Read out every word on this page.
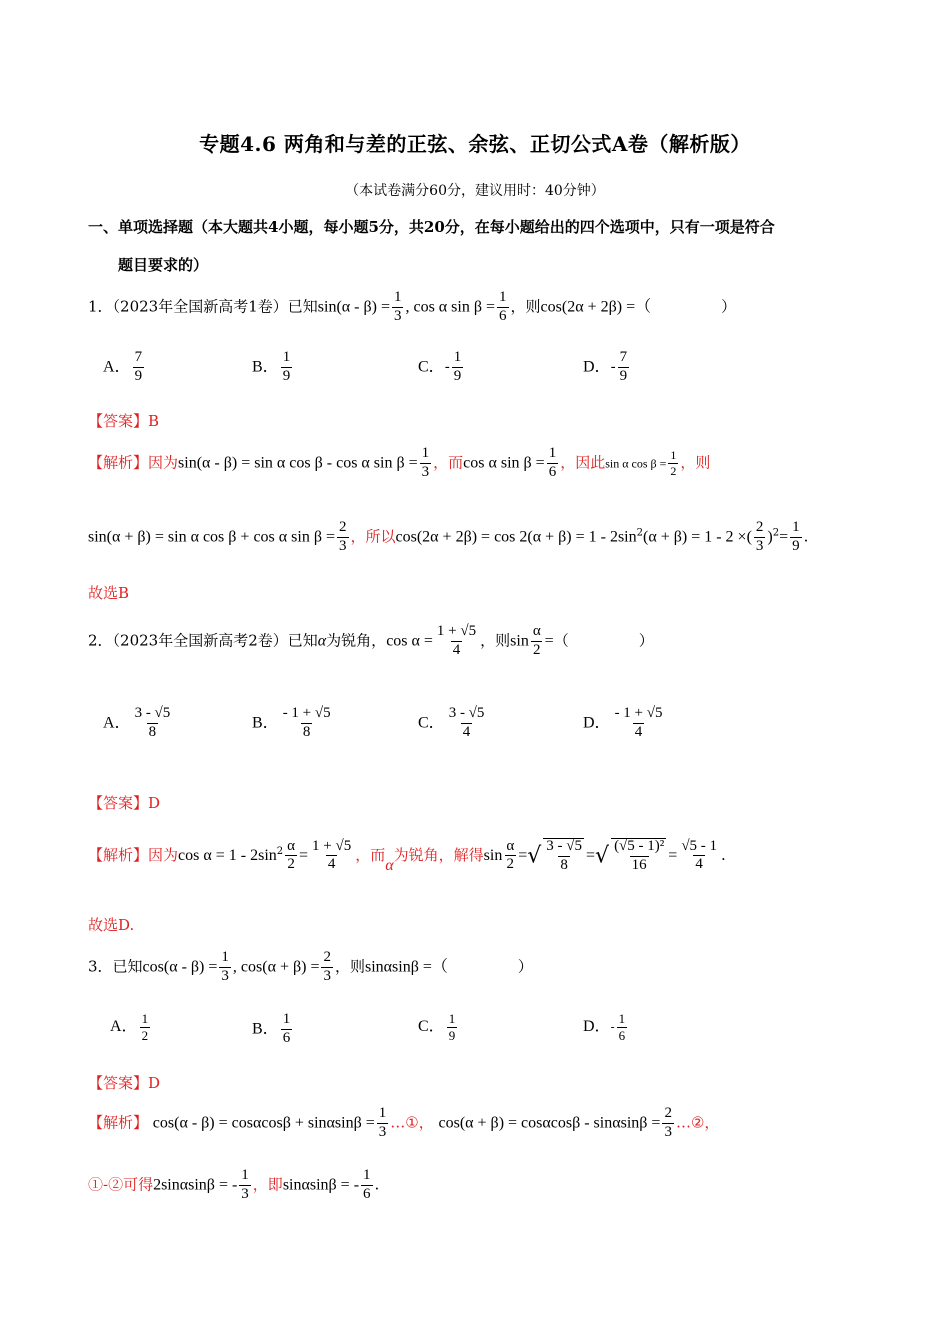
专题4.6 两角和与差的正弦、余弦、正切公式A卷（解析版）
（本试卷满分60分，建议用时：40分钟）
一、单项选择题（本大题共4小题，每小题5分，共20分，在每小题给出的四个选项中，只有一项是符合
题目要求的）
1．（2023年全国新高考1卷）已知$\sin(\alpha - \beta) = \frac{1}{3}$ , cos α $\sin \beta = \frac{1}{6}$ ，则cos(2α + 2β) =（	）
A． $\frac{7}{9}$	B． $\frac{1}{9}$	C．- $\frac{1}{9}$	D．- $\frac{7}{9}$
【答案】B
【解析】因为sin(α - β) = sin α cos β - cos α $\sin \beta = \frac{1}{3}$ ，而cos α $\sin \beta = \frac{1}{6}$ ，因此sin α $\cos \beta = \frac{1}{2}$ ，则
sin(α + β) = sin α cos β + cos α $\sin \beta = \frac{2}{3}$ ，所以$\cos(2\alpha + 2\beta) = \cos 2(\alpha + \beta) = 1 - 2\sin^2(\alpha + \beta) = 1 - 2$ ×( $\frac{2}{3} )^2= \frac{1}{9}$ .
故选B
2．（2023年全国新高考2卷）已知α为锐角，$\cos \alpha = \frac{1 + √5}{4}$ ，则$\sin \frac{\alpha}{2}$ =（	）
A． $\frac{3 - √5}{8}$	B． $\frac{- 1 + √5}{8}$	C． $\frac{3 - √5}{4}$	D． $\frac{- 1 + √5}{4}$
【答案】D
【解析】因为$\cos \alpha = 1 - 2\sin^2 \frac{\alpha}{2} = \frac{1 + √5}{4}$ ，而α为锐角，解得$\sin \frac{\alpha}{2}$ =√ $\frac{3 - √5}{8}$ =√ $\frac{\text{(√5 - 1)²}}{16} = \frac{√5 - 1}{4}$ .
故选D.
3．已知$\cos(\alpha - \beta) = \frac{1}{3}$ , $\cos(\alpha + \beta) = \frac{2}{3}$ ，则sinαsinβ =（	）
A． $\frac{1}{2}$	B． $\frac{1}{6}$	C． $\frac{1}{9}$	D．- $\frac{1}{6}$
【答案】D
【解析】 $\cos(\alpha - \beta) = \cos\alpha\cos\beta + \sin\alpha\sin\beta = \frac{1}{3}$ …①， $\cos(\alpha + \beta) = \cos\alpha\cos\beta - \sin\alpha\sin\beta = \frac{2}{3}$ …②，
①-②可得2sinαsinβ = - $\frac{1}{3}$ ，即sinαsinβ = - $\frac{1}{6}$ .
